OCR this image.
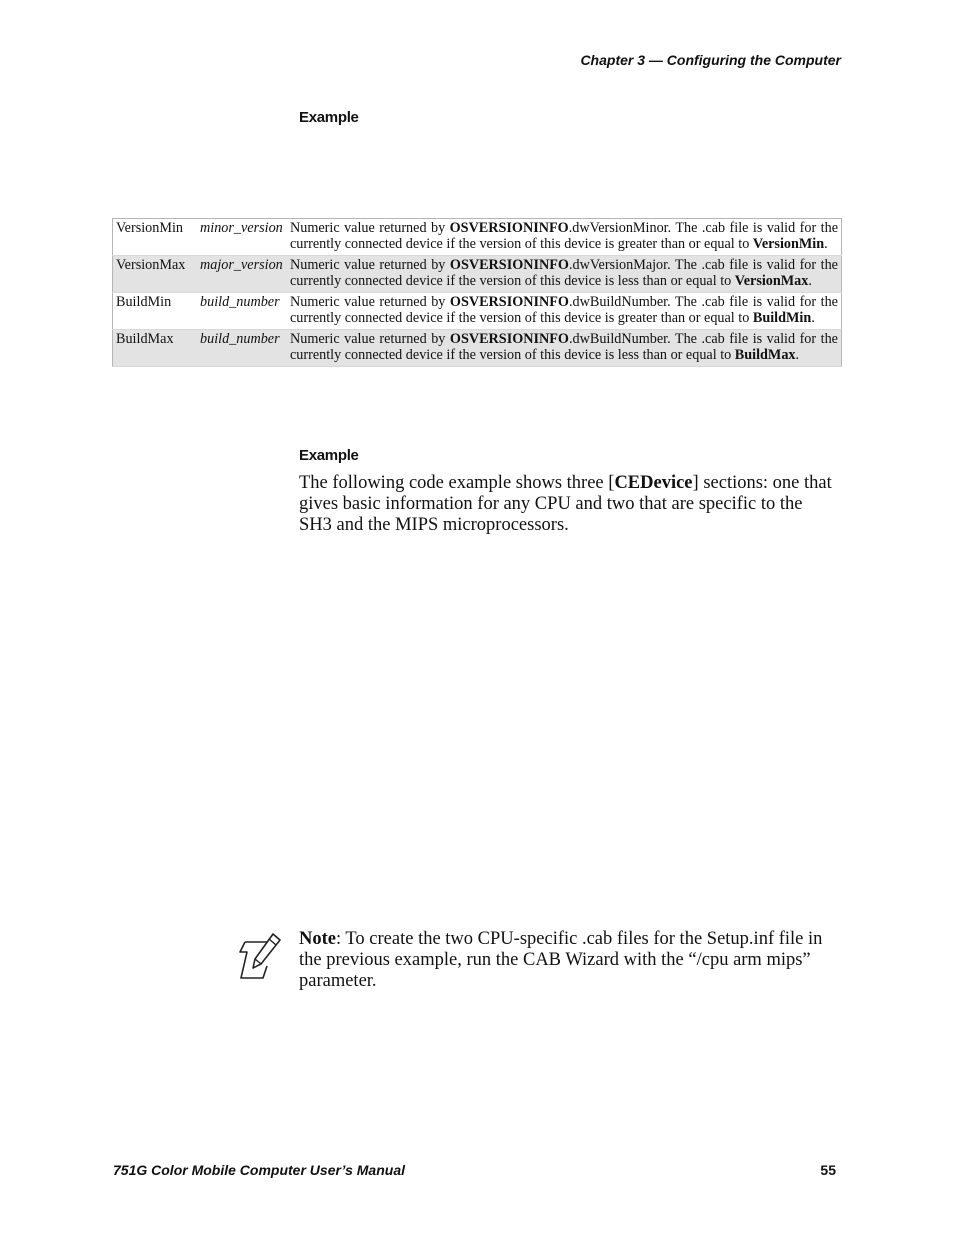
Chapter 3 — Configuring the Computer
Example
VersionMin	minor_version	Numeric value returned by OSVERSIONINFO.dwVersionMinor. The .cab file is valid for the currently connected device if the version of this device is greater than or equal to VersionMin.
VersionMax	major_version	Numeric value returned by OSVERSIONINFO.dwVersionMajor. The .cab file is valid for the currently connected device if the version of this device is less than or equal to VersionMax.
BuildMin	build_number	Numeric value returned by OSVERSIONINFO.dwBuildNumber. The .cab file is valid for the currently connected device if the version of this device is greater than or equal to BuildMin.
BuildMax	build_number	Numeric value returned by OSVERSIONINFO.dwBuildNumber. The .cab file is valid for the currently connected device if the version of this device is less than or equal to BuildMax.
Example

The following code example shows three [CEDevice] sections: one that gives basic information for any CPU and two that are specific to the SH3 and the MIPS microprocessors.

Note: To create the two CPU-specific .cab files for the Setup.inf file in the previous example, run the CAB Wizard with the “/cpu arm mips” parameter.

751G Color Mobile Computer User’s Manual	55
